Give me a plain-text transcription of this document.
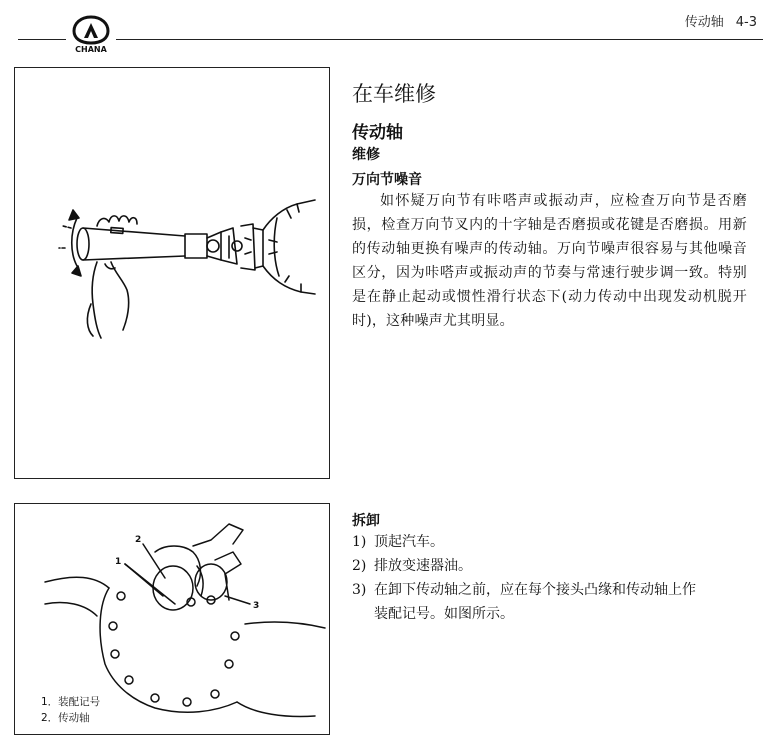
CHANA
传动轴 4-3
1
2
3
1．装配记号
2．传动轴
在车维修
传动轴
维修
万向节噪音

如怀疑万向节有咔嗒声或振动声，应检查万向节是否磨损，检查万向节叉内的十字轴是否磨损或花键是否磨损。用新的传动轴更换有噪声的传动轴。万向节噪声很容易与其他噪音区分，因为咔嗒声或振动声的节奏与常速行驶步调一致。特别是在静止起动或惯性滑行状态下(动力传动中出现发动机脱开时)，这种噪声尤其明显。

拆卸

1) 顶起汽车。

2) 排放变速器油。

3) 在卸下传动轴之前，应在每个接头凸缘和传动轴上作
装配记号。如图所示。
